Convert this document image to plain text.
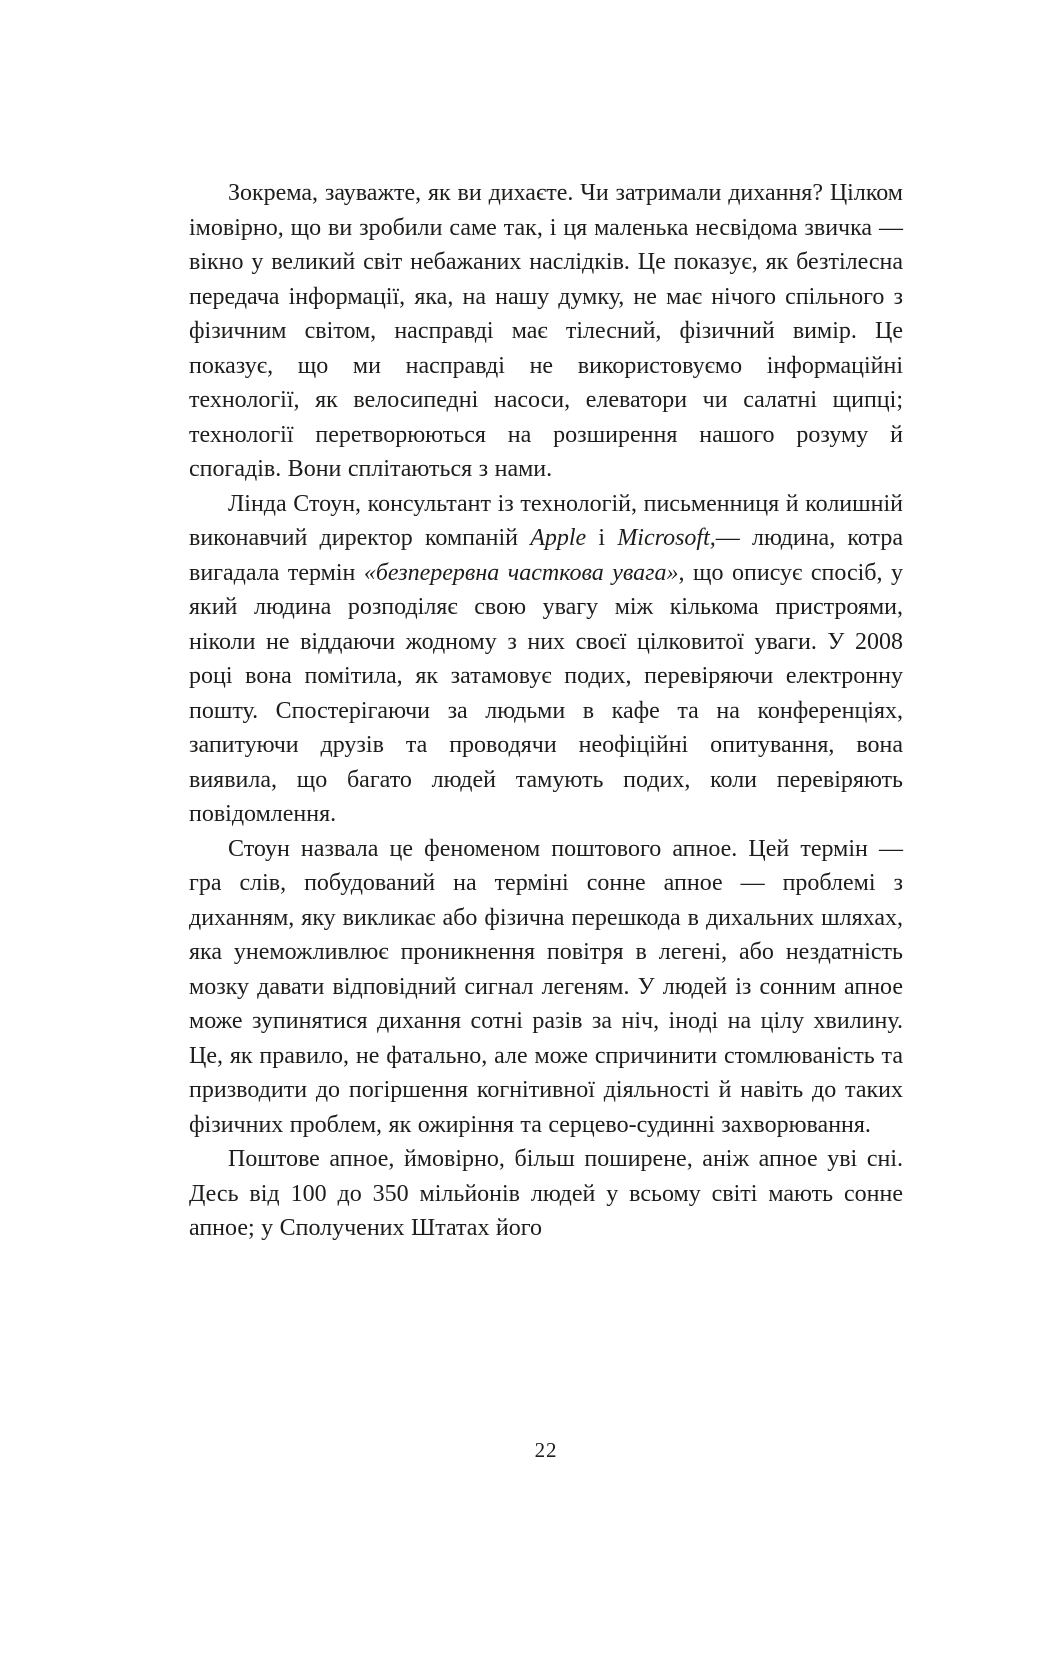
Зокрема, зауважте, як ви дихаєте. Чи затримали дихання? Цілком імовірно, що ви зробили саме так, і ця маленька несвідома звичка — вікно у великий світ небажаних наслідків. Це показує, як безтілесна передача інформації, яка, на нашу думку, не має нічого спільного з фізичним світом, насправді має тілесний, фізичний вимір. Це показує, що ми насправді не використовуємо інформаційні технології, як велосипедні насоси, елеватори чи салатні щипці; технології перетворюються на розширення нашого розуму й спогадів. Вони сплітаються з нами.

Лінда Стоун, консультант із технологій, письменниця й колишній виконавчий директор компаній Apple і Microsoft,— людина, котра вигадала термін «безперервна часткова увага», що описує спосіб, у який людина розподіляє свою увагу між кількома пристроями, ніколи не віддаючи жодному з них своєї цілковитої уваги. У 2008 році вона помітила, як затамовує подих, перевіряючи електронну пошту. Спостерігаючи за людьми в кафе та на конференціях, запитуючи друзів та проводячи неофіційні опитування, вона виявила, що багато людей тамують подих, коли перевіряють повідомлення.

Стоун назвала це феноменом поштового апное. Цей термін — гра слів, побудований на терміні сонне апное — проблемі з диханням, яку викликає або фізична перешкода в дихальних шляхах, яка унеможливлює проникнення повітря в легені, або нездатність мозку давати відповідний сигнал легеням. У людей із сонним апное може зупинятися дихання сотні разів за ніч, іноді на цілу хвилину. Це, як правило, не фатально, але може спричинити стомлюваність та призводити до погіршення когнітивної діяльності й навіть до таких фізичних проблем, як ожиріння та серцево-судинні захворювання.

Поштове апное, ймовірно, більш поширене, аніж апное уві сні. Десь від 100 до 350 мільйонів людей у всьому світі мають сонне апное; у Сполучених Штатах його

22
